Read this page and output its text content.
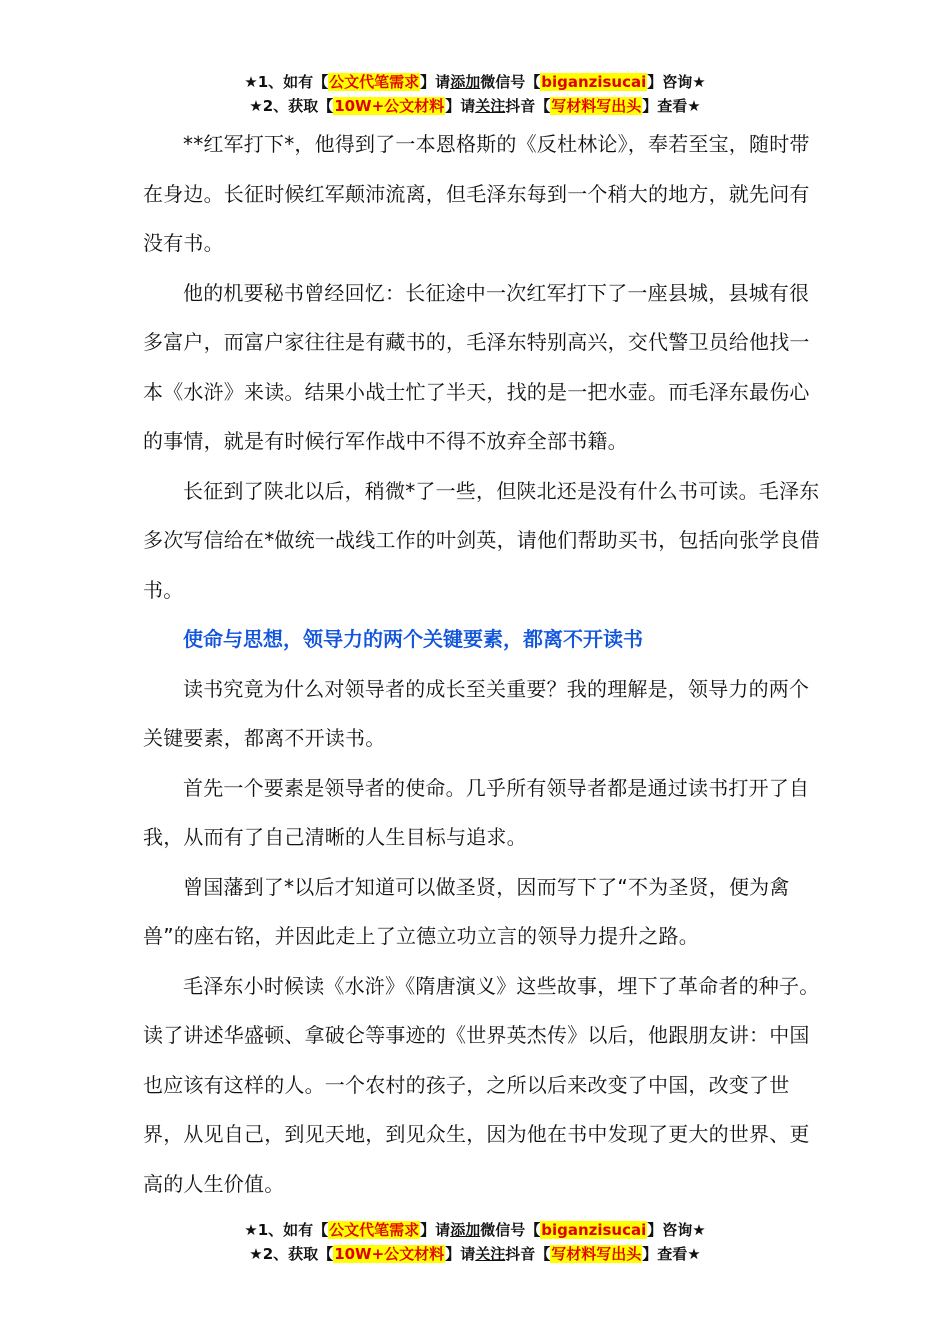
★1、如有【公文代笔需求】请添加微信号【biganzisucai】咨询★
★2、获取【10W+公文材料】请关注抖音【写材料写出头】查看★

**红军打下*，他得到了一本恩格斯的《反杜林论》，奉若至宝，随时带在身边。长征时候红军颠沛流离，但毛泽东每到一个稍大的地方，就先问有没有书。

他的机要秘书曾经回忆：长征途中一次红军打下了一座县城，县城有很多富户，而富户家往往是有藏书的，毛泽东特别高兴，交代警卫员给他找一本《水浒》来读。结果小战士忙了半天，找的是一把水壶。而毛泽东最伤心的事情，就是有时候行军作战中不得不放弃全部书籍。

长征到了陕北以后，稍微*了一些，但陕北还是没有什么书可读。毛泽东多次写信给在*做统一战线工作的叶剑英，请他们帮助买书，包括向张学良借书。

使命与思想，领导力的两个关键要素，都离不开读书

读书究竟为什么对领导者的成长至关重要？我的理解是，领导力的两个关键要素，都离不开读书。

首先一个要素是领导者的使命。几乎所有领导者都是通过读书打开了自我，从而有了自己清晰的人生目标与追求。

曾国藩到了*以后才知道可以做圣贤，因而写下了“不为圣贤，便为禽兽”的座右铭，并因此走上了立德立功立言的领导力提升之路。

毛泽东小时候读《水浒》《隋唐演义》这些故事，埋下了革命者的种子。读了讲述华盛顿、拿破仑等事迹的《世界英杰传》以后，他跟朋友讲：中国也应该有这样的人。一个农村的孩子，之所以后来改变了中国，改变了世界，从见自己，到见天地，到见众生，因为他在书中发现了更大的世界、更高的人生价值。

★1、如有【公文代笔需求】请添加微信号【biganzisucai】咨询★
★2、获取【10W+公文材料】请关注抖音【写材料写出头】查看★
